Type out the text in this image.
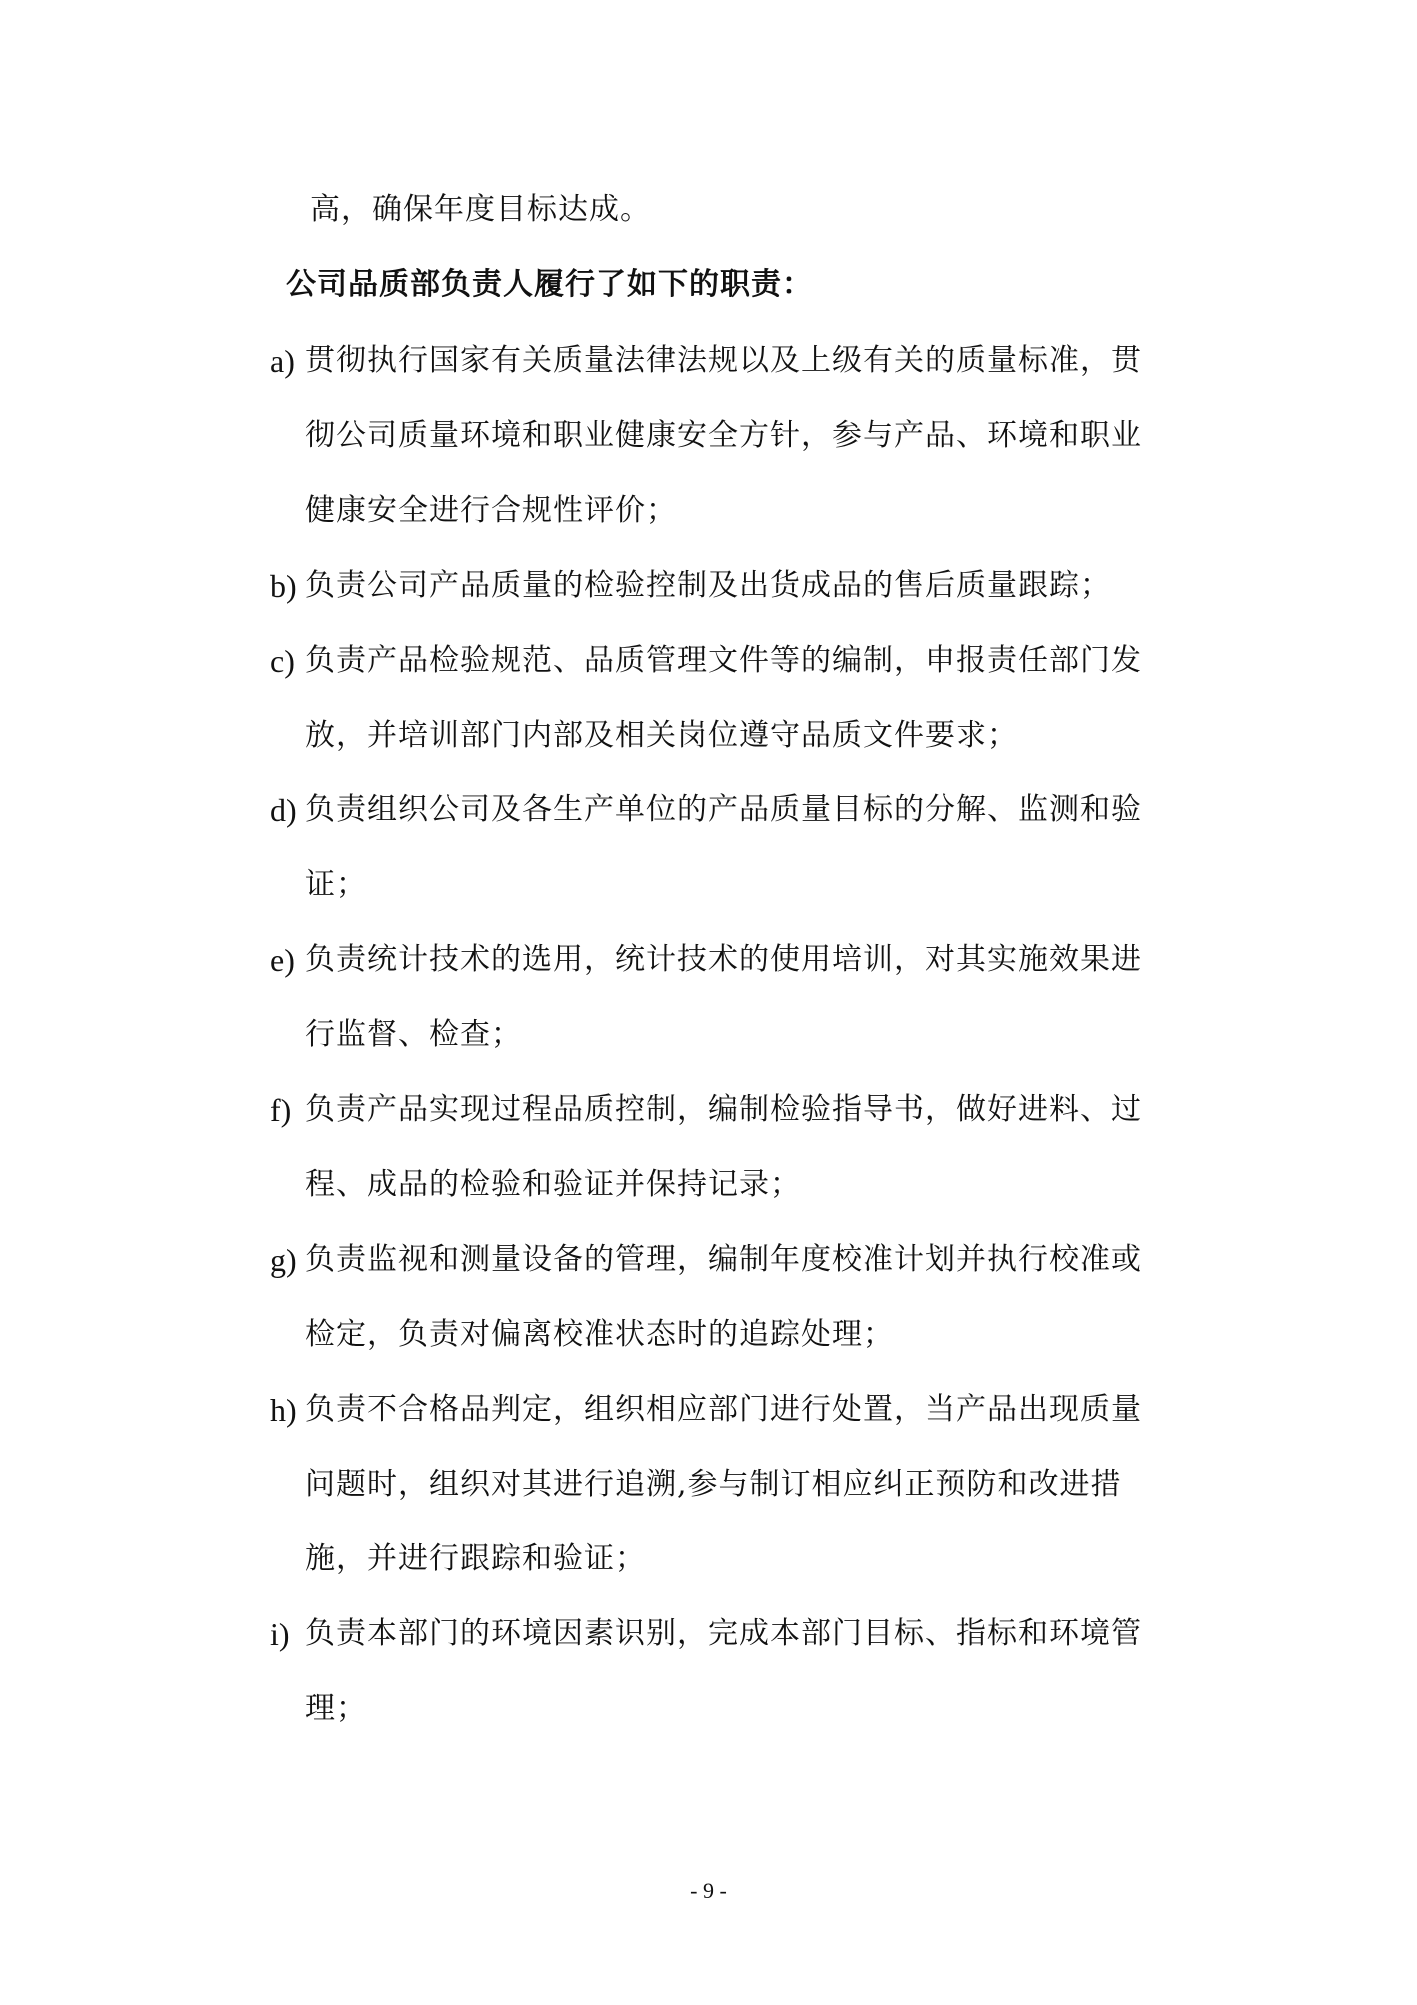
高，确保年度目标达成。
公司品质部负责人履行了如下的职责：
a) 贯彻执行国家有关质量法律法规以及上级有关的质量标准，贯
彻公司质量环境和职业健康安全方针，参与产品、环境和职业
健康安全进行合规性评价；
b) 负责公司产品质量的检验控制及出货成品的售后质量跟踪；
c) 负责产品检验规范、品质管理文件等的编制，申报责任部门发
放，并培训部门内部及相关岗位遵守品质文件要求；
d) 负责组织公司及各生产单位的产品质量目标的分解、监测和验
证；
e) 负责统计技术的选用，统计技术的使用培训，对其实施效果进
行监督、检查；
f) 负责产品实现过程品质控制，编制检验指导书，做好进料、过
程、成品的检验和验证并保持记录；
g) 负责监视和测量设备的管理，编制年度校准计划并执行校准或
检定，负责对偏离校准状态时的追踪处理；
h) 负责不合格品判定，组织相应部门进行处置，当产品出现质量
问题时，组织对其进行追溯,参与制订相应纠正预防和改进措
施，并进行跟踪和验证；
i) 负责本部门的环境因素识别，完成本部门目标、指标和环境管
理；
- 9 -
